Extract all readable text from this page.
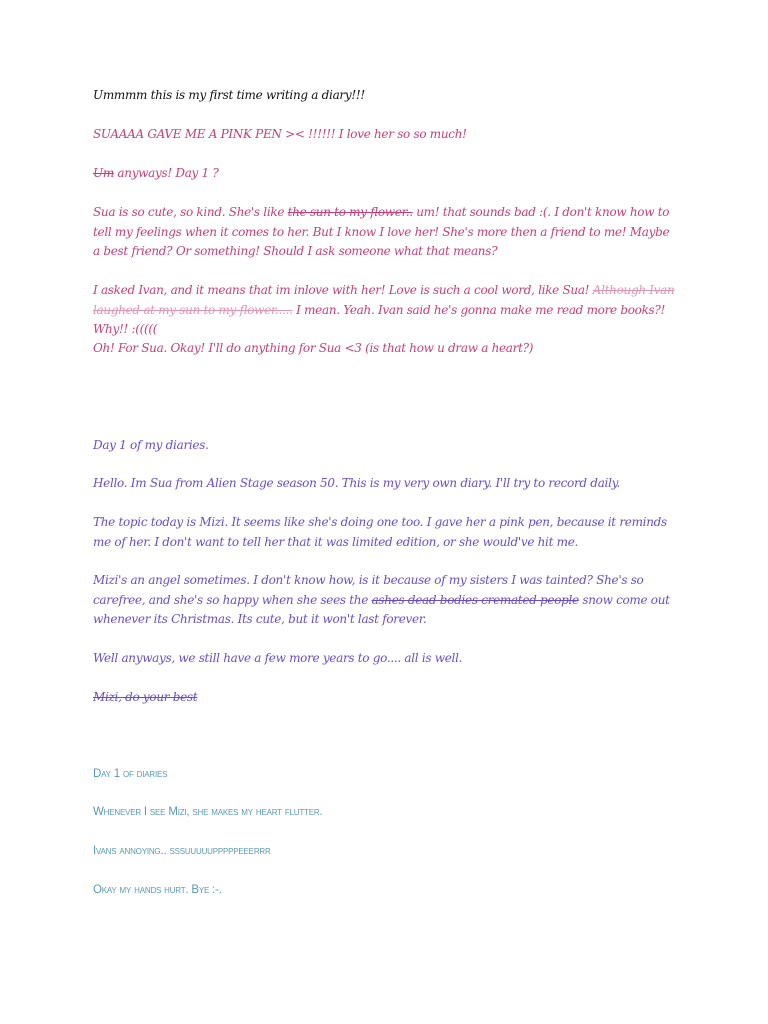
Ummmm this is my first time writing a diary!!!

SUAAAA GAVE ME A PINK PEN >< !!!!!! I love her so so much!

Um anyways! Day 1 ?

Sua is so cute, so kind. She's like the sun to my flower.. um! that sounds bad :(. I don't know how to tell my feelings when it comes to her. But I know I love her! She's more then a friend to me! Maybe a best friend? Or something! Should I ask someone what that means?

I asked Ivan, and it means that im inlove with her! Love is such a cool word, like Sua! Although Ivan laughed at my sun to my flower..... I mean. Yeah. Ivan said he's gonna make me read more books?! Why!! :(((((

Oh! For Sua. Okay! I'll do anything for Sua <3 (is that how u draw a heart?)

Day 1 of my diaries.

Hello. Im Sua from Alien Stage season 50. This is my very own diary. I'll try to record daily.

The topic today is Mizi. It seems like she's doing one too. I gave her a pink pen, because it reminds me of her. I don't want to tell her that it was limited edition, or she would've hit me.

Mizi's an angel sometimes. I don't know how, is it because of my sisters I was tainted? She's so carefree, and she's so happy when she sees the ashes dead bodies cremated people snow come out whenever its Christmas. Its cute, but it won't last forever.

Well anyways, we still have a few more years to go.... all is well.

Mizi, do your best

Day 1 of diaries

Whenever I see Mizi, she makes my heart flutter.

Ivans annoying.. sssuuuuupppppeeerrr

Okay my hands hurt. Bye :-.
